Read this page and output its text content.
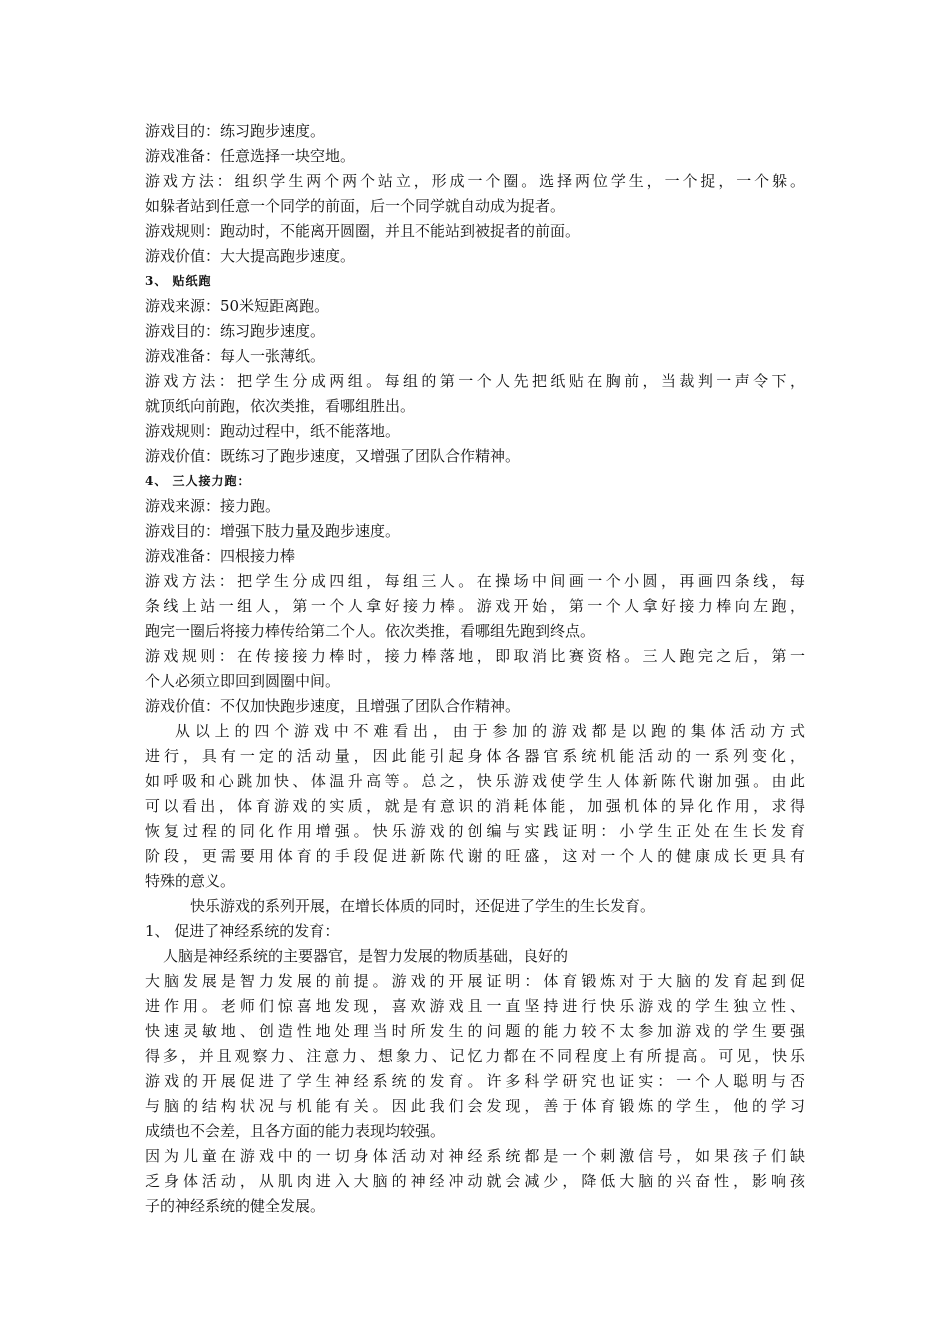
游戏目的：练习跑步速度。
游戏准备：任意选择一块空地。
游戏方法：组织学生两个两个站立，形成一个圈。选择两位学生，一个捉，一个躲。
如躲者站到任意一个同学的前面，后一个同学就自动成为捉者。
游戏规则：跑动时，不能离开圆圈，并且不能站到被捉者的前面。
游戏价值：大大提高跑步速度。
3、 贴纸跑
游戏来源：50米短距离跑。
游戏目的：练习跑步速度。
游戏准备：每人一张薄纸。
游戏方法：把学生分成两组。每组的第一个人先把纸贴在胸前，当裁判一声令下，
就顶纸向前跑，依次类推，看哪组胜出。
游戏规则：跑动过程中，纸不能落地。
游戏价值：既练习了跑步速度，又增强了团队合作精神。
4、 三人接力跑：
游戏来源：接力跑。
游戏目的：增强下肢力量及跑步速度。
游戏准备：四根接力棒
游戏方法：把学生分成四组，每组三人。在操场中间画一个小圆，再画四条线，每
条线上站一组人，第一个人拿好接力棒。游戏开始，第一个人拿好接力棒向左跑，
跑完一圈后将接力棒传给第二个人。依次类推，看哪组先跑到终点。
游戏规则：在传接接力棒时，接力棒落地，即取消比赛资格。三人跑完之后，第一
个人必须立即回到圆圈中间。
游戏价值：不仅加快跑步速度，且增强了团队合作精神。
从以上的四个游戏中不难看出，由于参加的游戏都是以跑的集体活动方式
进行，具有一定的活动量，因此能引起身体各器官系统机能活动的一系列变化，
如呼吸和心跳加快、体温升高等。总之，快乐游戏使学生人体新陈代谢加强。由此
可以看出，体育游戏的实质，就是有意识的消耗体能，加强机体的异化作用，求得
恢复过程的同化作用增强。快乐游戏的创编与实践证明：小学生正处在生长发育
阶段，更需要用体育的手段促进新陈代谢的旺盛，这对一个人的健康成长更具有
特殊的意义。
快乐游戏的系列开展，在增长体质的同时，还促进了学生的生长发育。
1、 促进了神经系统的发育：
人脑是神经系统的主要器官，是智力发展的物质基础，良好的
大脑发展是智力发展的前提。游戏的开展证明：体育锻炼对于大脑的发育起到促
进作用。老师们惊喜地发现，喜欢游戏且一直坚持进行快乐游戏的学生独立性、
快速灵敏地、创造性地处理当时所发生的问题的能力较不太参加游戏的学生要强
得多，并且观察力、注意力、想象力、记忆力都在不同程度上有所提高。可见，快乐
游戏的开展促进了学生神经系统的发育。许多科学研究也证实：一个人聪明与否
与脑的结构状况与机能有关。因此我们会发现，善于体育锻炼的学生，他的学习
成绩也不会差，且各方面的能力表现均较强。
因为儿童在游戏中的一切身体活动对神经系统都是一个刺激信号，如果孩子们缺
乏身体活动，从肌肉进入大脑的神经冲动就会减少，降低大脑的兴奋性，影响孩
子的神经系统的健全发展。
